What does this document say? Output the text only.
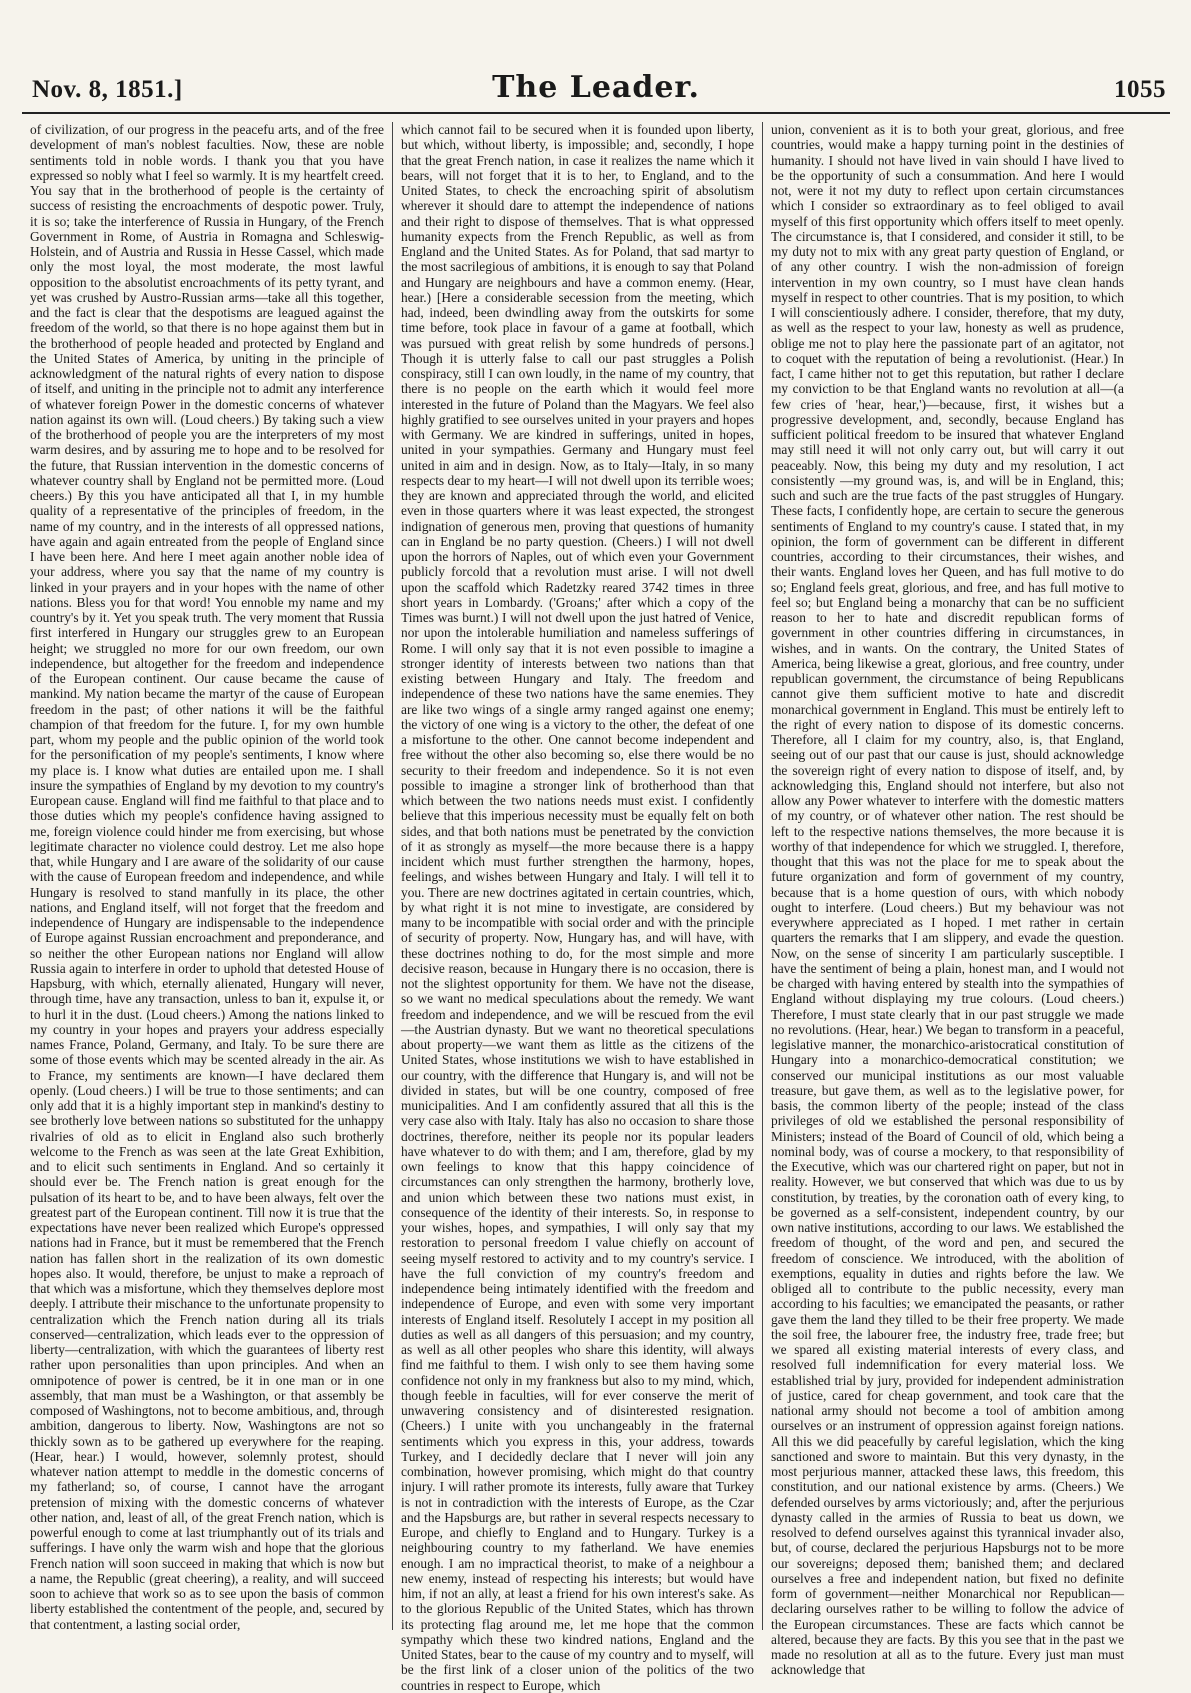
Nov. 8, 1851.]	The Leader.	1055

of civilization, of our progress in the peacefu arts, and of the free development of man's noblest faculties. Now, these are noble sentiments told in noble words. I thank you that you have expressed so nobly what I feel so warmly. It is my heartfelt creed. You say that in the brotherhood of people is the certainty of success of resisting the encroachments of despotic power. Truly, it is so; take the interference of Russia in Hungary, of the French Government in Rome, of Austria in Romagna and Schleswig-Holstein, and of Austria and Russia in Hesse Cassel, which made only the most loyal, the most moderate, the most lawful opposition to the absolutist encroachments of its petty tyrant, and yet was crushed by Austro-Russian arms—take all this together, and the fact is clear that the despotisms are leagued against the freedom of the world, so that there is no hope against them but in the brotherhood of people headed and protected by England and the United States of America, by uniting in the principle of acknowledgment of the natural rights of every nation to dispose of itself, and uniting in the principle not to admit any interference of whatever foreign Power in the domestic concerns of whatever nation against its own will. (Loud cheers.) By taking such a view of the brotherhood of people you are the interpreters of my most warm desires, and by assuring me to hope and to be resolved for the future, that Russian intervention in the domestic concerns of whatever country shall by England not be permitted more. (Loud cheers.) By this you have anticipated all that I, in my humble quality of a representative of the principles of freedom, in the name of my country, and in the interests of all oppressed nations, have again and again entreated from the people of England since I have been here. And here I meet again another noble idea of your address, where you say that the name of my country is linked in your prayers and in your hopes with the name of other nations. Bless you for that word! You ennoble my name and my country's by it. Yet you speak truth. The very moment that Russia first interfered in Hungary our struggles grew to an European height; we struggled no more for our own freedom, our own independence, but altogether for the freedom and independence of the European continent. Our cause became the cause of mankind. My nation became the martyr of the cause of European freedom in the past; of other nations it will be the faithful champion of that freedom for the future. I, for my own humble part, whom my people and the public opinion of the world took for the personification of my people's sentiments, I know where my place is. I know what duties are entailed upon me. I shall insure the sympathies of England by my devotion to my country's European cause. England will find me faithful to that place and to those duties which my people's confidence having assigned to me, foreign violence could hinder me from exercising, but whose legitimate character no violence could destroy. Let me also hope that, while Hungary and I are aware of the solidarity of our cause with the cause of European freedom and independence, and while Hungary is resolved to stand manfully in its place, the other nations, and England itself, will not forget that the freedom and independence of Hungary are indispensable to the independence of Europe against Russian encroachment and preponderance, and so neither the other European nations nor England will allow Russia again to interfere in order to uphold that detested House of Hapsburg, with which, eternally alienated, Hungary will never, through time, have any transaction, unless to ban it, expulse it, or to hurl it in the dust. (Loud cheers.) Among the nations linked to my country in your hopes and prayers your address especially names France, Poland, Germany, and Italy. To be sure there are some of those events which may be scented already in the air. As to France, my sentiments are known—I have declared them openly. (Loud cheers.) I will be true to those sentiments; and can only add that it is a highly important step in mankind's destiny to see brotherly love between nations so substituted for the unhappy rivalries of old as to elicit in England also such brotherly welcome to the French as was seen at the late Great Exhibition, and to elicit such sentiments in England. And so certainly it should ever be. The French nation is great enough for the pulsation of its heart to be, and to have been always, felt over the greatest part of the European continent. Till now it is true that the expectations have never been realized which Europe's oppressed nations had in France, but it must be remembered that the French nation has fallen short in the realization of its own domestic hopes also. It would, therefore, be unjust to make a reproach of that which was a misfortune, which they themselves deplore most deeply. I attribute their mischance to the unfortunate propensity to centralization which the French nation during all its trials conserved—centralization, which leads ever to the oppression of liberty—centralization, with which the guarantees of liberty rest rather upon personalities than upon principles. And when an omnipotence of power is centred, be it in one man or in one assembly, that man must be a Washington, or that assembly be composed of Washingtons, not to become ambitious, and, through ambition, dangerous to liberty. Now, Washingtons are not so thickly sown as to be gathered up everywhere for the reaping. (Hear, hear.) I would, however, solemnly protest, should whatever nation attempt to meddle in the domestic concerns of my fatherland; so, of course, I cannot have the arrogant pretension of mixing with the domestic concerns of whatever other nation, and, least of all, of the great French nation, which is powerful enough to come at last triumphantly out of its trials and sufferings. I have only the warm wish and hope that the glorious French nation will soon succeed in making that which is now but a name, the Republic (great cheering), a reality, and will succeed soon to achieve that work so as to see upon the basis of common liberty established the contentment of the people, and, secured by that contentment, a lasting social order,

which cannot fail to be secured when it is founded upon liberty, but which, without liberty, is impossible; and, secondly, I hope that the great French nation, in case it realizes the name which it bears, will not forget that it is to her, to England, and to the United States, to check the encroaching spirit of absolutism wherever it should dare to attempt the independence of nations and their right to dispose of themselves. That is what oppressed humanity expects from the French Republic, as well as from England and the United States. As for Poland, that sad martyr to the most sacrilegious of ambitions, it is enough to say that Poland and Hungary are neighbours and have a common enemy. (Hear, hear.) [Here a considerable secession from the meeting, which had, indeed, been dwindling away from the outskirts for some time before, took place in favour of a game at football, which was pursued with great relish by some hundreds of persons.] Though it is utterly false to call our past struggles a Polish conspiracy, still I can own loudly, in the name of my country, that there is no people on the earth which it would feel more interested in the future of Poland than the Magyars. We feel also highly gratified to see ourselves united in your prayers and hopes with Germany. We are kindred in sufferings, united in hopes, united in your sympathies. Germany and Hungary must feel united in aim and in design. Now, as to Italy—Italy, in so many respects dear to my heart—I will not dwell upon its terrible woes; they are known and appreciated through the world, and elicited even in those quarters where it was least expected, the strongest indignation of generous men, proving that questions of humanity can in England be no party question. (Cheers.) I will not dwell upon the horrors of Naples, out of which even your Government publicly forcold that a revolution must arise. I will not dwell upon the scaffold which Radetzky reared 3742 times in three short years in Lombardy. ('Groans;' after which a copy of the Times was burnt.) I will not dwell upon the just hatred of Venice, nor upon the intolerable humiliation and nameless sufferings of Rome. I will only say that it is not even possible to imagine a stronger identity of interests between two nations than that existing between Hungary and Italy. The freedom and independence of these two nations have the same enemies. They are like two wings of a single army ranged against one enemy; the victory of one wing is a victory to the other, the defeat of one a misfortune to the other. One cannot become independent and free without the other also becoming so, else there would be no security to their freedom and independence. So it is not even possible to imagine a stronger link of brotherhood than that which between the two nations needs must exist. I confidently believe that this imperious necessity must be equally felt on both sides, and that both nations must be penetrated by the conviction of it as strongly as myself—the more because there is a happy incident which must further strengthen the harmony, hopes, feelings, and wishes between Hungary and Italy. I will tell it to you. There are new doctrines agitated in certain countries, which, by what right it is not mine to investigate, are considered by many to be incompatible with social order and with the principle of security of property. Now, Hungary has, and will have, with these doctrines nothing to do, for the most simple and more decisive reason, because in Hungary there is no occasion, there is not the slightest opportunity for them. We have not the disease, so we want no medical speculations about the remedy. We want freedom and independence, and we will be rescued from the evil—the Austrian dynasty. But we want no theoretical speculations about property—we want them as little as the citizens of the United States, whose institutions we wish to have established in our country, with the difference that Hungary is, and will not be divided in states, but will be one country, composed of free municipalities. And I am confidently assured that all this is the very case also with Italy. Italy has also no occasion to share those doctrines, therefore, neither its people nor its popular leaders have whatever to do with them; and I am, therefore, glad by my own feelings to know that this happy coincidence of circumstances can only strengthen the harmony, brotherly love, and union which between these two nations must exist, in consequence of the identity of their interests. So, in response to your wishes, hopes, and sympathies, I will only say that my restoration to personal freedom I value chiefly on account of seeing myself restored to activity and to my country's service. I have the full conviction of my country's freedom and independence being intimately identified with the freedom and independence of Europe, and even with some very important interests of England itself. Resolutely I accept in my position all duties as well as all dangers of this persuasion; and my country, as well as all other peoples who share this identity, will always find me faithful to them. I wish only to see them having some confidence not only in my frankness but also to my mind, which, though feeble in faculties, will for ever conserve the merit of unwavering consistency and of disinterested resignation. (Cheers.) I unite with you unchangeably in the fraternal sentiments which you express in this, your address, towards Turkey, and I decidedly declare that I never will join any combination, however promising, which might do that country injury. I will rather promote its interests, fully aware that Turkey is not in contradiction with the interests of Europe, as the Czar and the Hapsburgs are, but rather in several respects necessary to Europe, and chiefly to England and to Hungary. Turkey is a neighbouring country to my fatherland. We have enemies enough. I am no impractical theorist, to make of a neighbour a new enemy, instead of respecting his interests; but would have him, if not an ally, at least a friend for his own interest's sake. As to the glorious Republic of the United States, which has thrown its protecting flag around me, let me hope that the common sympathy which these two kindred nations, England and the United States, bear to the cause of my country and to myself, will be the first link of a closer union of the politics of the two countries in respect to Europe, which

union, convenient as it is to both your great, glorious, and free countries, would make a happy turning point in the destinies of humanity. I should not have lived in vain should I have lived to be the opportunity of such a consummation. And here I would not, were it not my duty to reflect upon certain circumstances which I consider so extraordinary as to feel obliged to avail myself of this first opportunity which offers itself to meet openly. The circumstance is, that I considered, and consider it still, to be my duty not to mix with any great party question of England, or of any other country. I wish the non-admission of foreign intervention in my own country, so I must have clean hands myself in respect to other countries. That is my position, to which I will conscientiously adhere. I consider, therefore, that my duty, as well as the respect to your law, honesty as well as prudence, oblige me not to play here the passionate part of an agitator, not to coquet with the reputation of being a revolutionist. (Hear.) In fact, I came hither not to get this reputation, but rather I declare my conviction to be that England wants no revolution at all—(a few cries of 'hear, hear,')—because, first, it wishes but a progressive development, and, secondly, because England has sufficient political freedom to be insured that whatever England may still need it will not only carry out, but will carry it out peaceably. Now, this being my duty and my resolution, I act consistently —my ground was, is, and will be in England, this; such and such are the true facts of the past struggles of Hungary. These facts, I confidently hope, are certain to secure the generous sentiments of England to my country's cause. I stated that, in my opinion, the form of government can be different in different countries, according to their circumstances, their wishes, and their wants. England loves her Queen, and has full motive to do so; England feels great, glorious, and free, and has full motive to feel so; but England being a monarchy that can be no sufficient reason to her to hate and discredit republican forms of government in other countries differing in circumstances, in wishes, and in wants. On the contrary, the United States of America, being likewise a great, glorious, and free country, under republican government, the circumstance of being Republicans cannot give them sufficient motive to hate and discredit monarchical government in England. This must be entirely left to the right of every nation to dispose of its domestic concerns. Therefore, all I claim for my country, also, is, that England, seeing out of our past that our cause is just, should acknowledge the sovereign right of every nation to dispose of itself, and, by acknowledging this, England should not interfere, but also not allow any Power whatever to interfere with the domestic matters of my country, or of whatever other nation. The rest should be left to the respective nations themselves, the more because it is worthy of that independence for which we struggled. I, therefore, thought that this was not the place for me to speak about the future organization and form of government of my country, because that is a home question of ours, with which nobody ought to interfere. (Loud cheers.) But my behaviour was not everywhere appreciated as I hoped. I met rather in certain quarters the remarks that I am slippery, and evade the question. Now, on the sense of sincerity I am particularly susceptible. I have the sentiment of being a plain, honest man, and I would not be charged with having entered by stealth into the sympathies of England without displaying my true colours. (Loud cheers.) Therefore, I must state clearly that in our past struggle we made no revolutions. (Hear, hear.) We began to transform in a peaceful, legislative manner, the monarchico-aristocratical constitution of Hungary into a monarchico-democratical constitution; we conserved our municipal institutions as our most valuable treasure, but gave them, as well as to the legislative power, for basis, the common liberty of the people; instead of the class privileges of old we established the personal responsibility of Ministers; instead of the Board of Council of old, which being a nominal body, was of course a mockery, to that responsibility of the Executive, which was our chartered right on paper, but not in reality. However, we but conserved that which was due to us by constitution, by treaties, by the coronation oath of every king, to be governed as a self-consistent, independent country, by our own native institutions, according to our laws. We established the freedom of thought, of the word and pen, and secured the freedom of conscience. We introduced, with the abolition of exemptions, equality in duties and rights before the law. We obliged all to contribute to the public necessity, every man according to his faculties; we emancipated the peasants, or rather gave them the land they tilled to be their free property. We made the soil free, the labourer free, the industry free, trade free; but we spared all existing material interests of every class, and resolved full indemnification for every material loss. We established trial by jury, provided for independent administration of justice, cared for cheap government, and took care that the national army should not become a tool of ambition among ourselves or an instrument of oppression against foreign nations. All this we did peacefully by careful legislation, which the king sanctioned and swore to maintain. But this very dynasty, in the most perjurious manner, attacked these laws, this freedom, this constitution, and our national existence by arms. (Cheers.) We defended ourselves by arms victoriously; and, after the perjurious dynasty called in the armies of Russia to beat us down, we resolved to defend ourselves against this tyrannical invader also, but, of course, declared the perjurious Hapsburgs not to be more our sovereigns; deposed them; banished them; and declared ourselves a free and independent nation, but fixed no definite form of government—neither Monarchical nor Republican—declaring ourselves rather to be willing to follow the advice of the European circumstances. These are facts which cannot be altered, because they are facts. By this you see that in the past we made no resolution at all as to the future. Every just man must acknowledge that
